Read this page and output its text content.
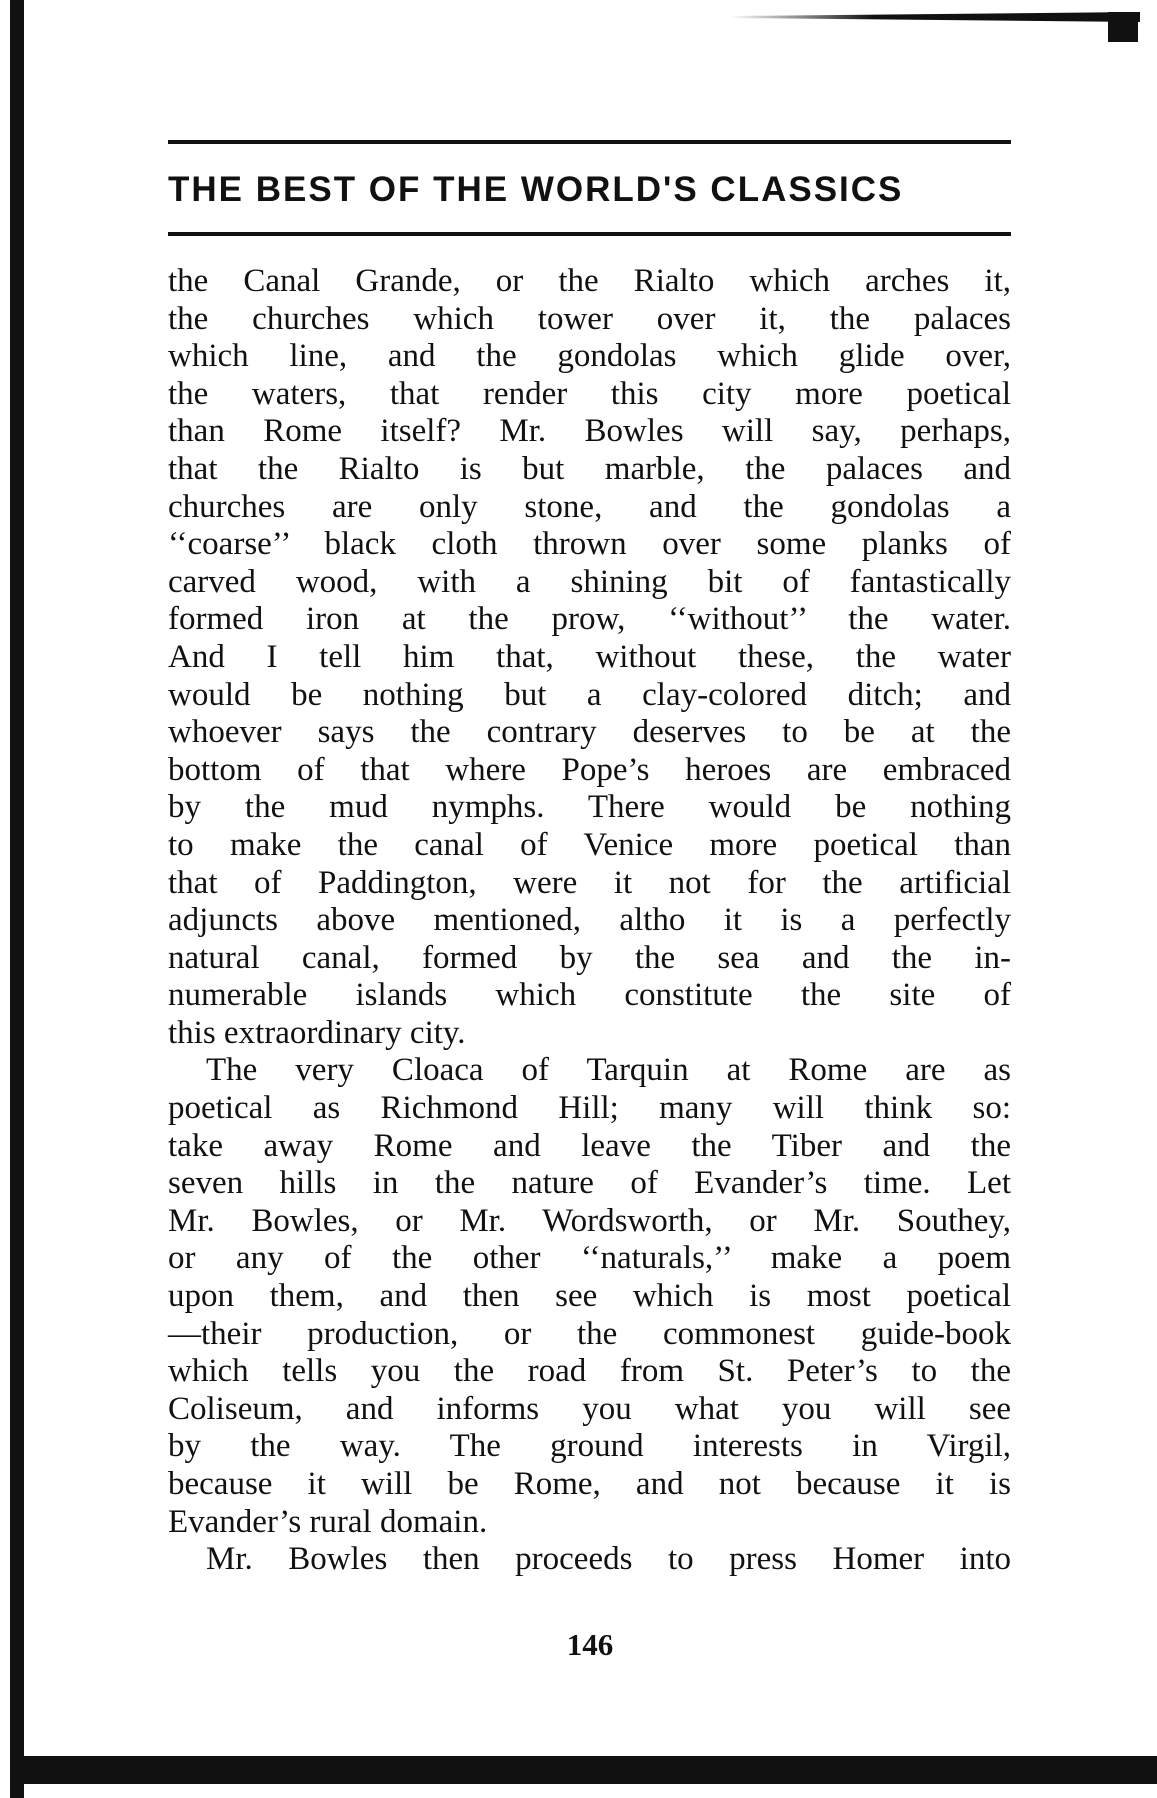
THE BEST OF THE WORLD'S CLASSICS
the Canal Grande, or the Rialto which arches it,
the churches which tower over it, the palaces
which line, and the gondolas which glide over,
the waters, that render this city more poetical
than Rome itself? Mr. Bowles will say, perhaps,
that the Rialto is but marble, the palaces and
churches are only stone, and the gondolas a
‘‘coarse’’ black cloth thrown over some planks of
carved wood, with a shining bit of fantastically
formed iron at the prow, ‘‘without’’ the water.
And I tell him that, without these, the water
would be nothing but a clay-colored ditch; and
whoever says the contrary deserves to be at the
bottom of that where Pope’s heroes are embraced
by the mud nymphs. There would be nothing
to make the canal of Venice more poetical than
that of Paddington, were it not for the artificial
adjuncts above mentioned, altho it is a perfectly
natural canal, formed by the sea and the in-
numerable islands which constitute the site of
this extraordinary city.
The very Cloaca of Tarquin at Rome are as
poetical as Richmond Hill; many will think so:
take away Rome and leave the Tiber and the
seven hills in the nature of Evander’s time. Let
Mr. Bowles, or Mr. Wordsworth, or Mr. Southey,
or any of the other ‘‘naturals,’’ make a poem
upon them, and then see which is most poetical
—their production, or the commonest guide-book
which tells you the road from St. Peter’s to the
Coliseum, and informs you what you will see
by the way. The ground interests in Virgil,
because it will be Rome, and not because it is
Evander’s rural domain.
Mr. Bowles then proceeds to press Homer into
146
